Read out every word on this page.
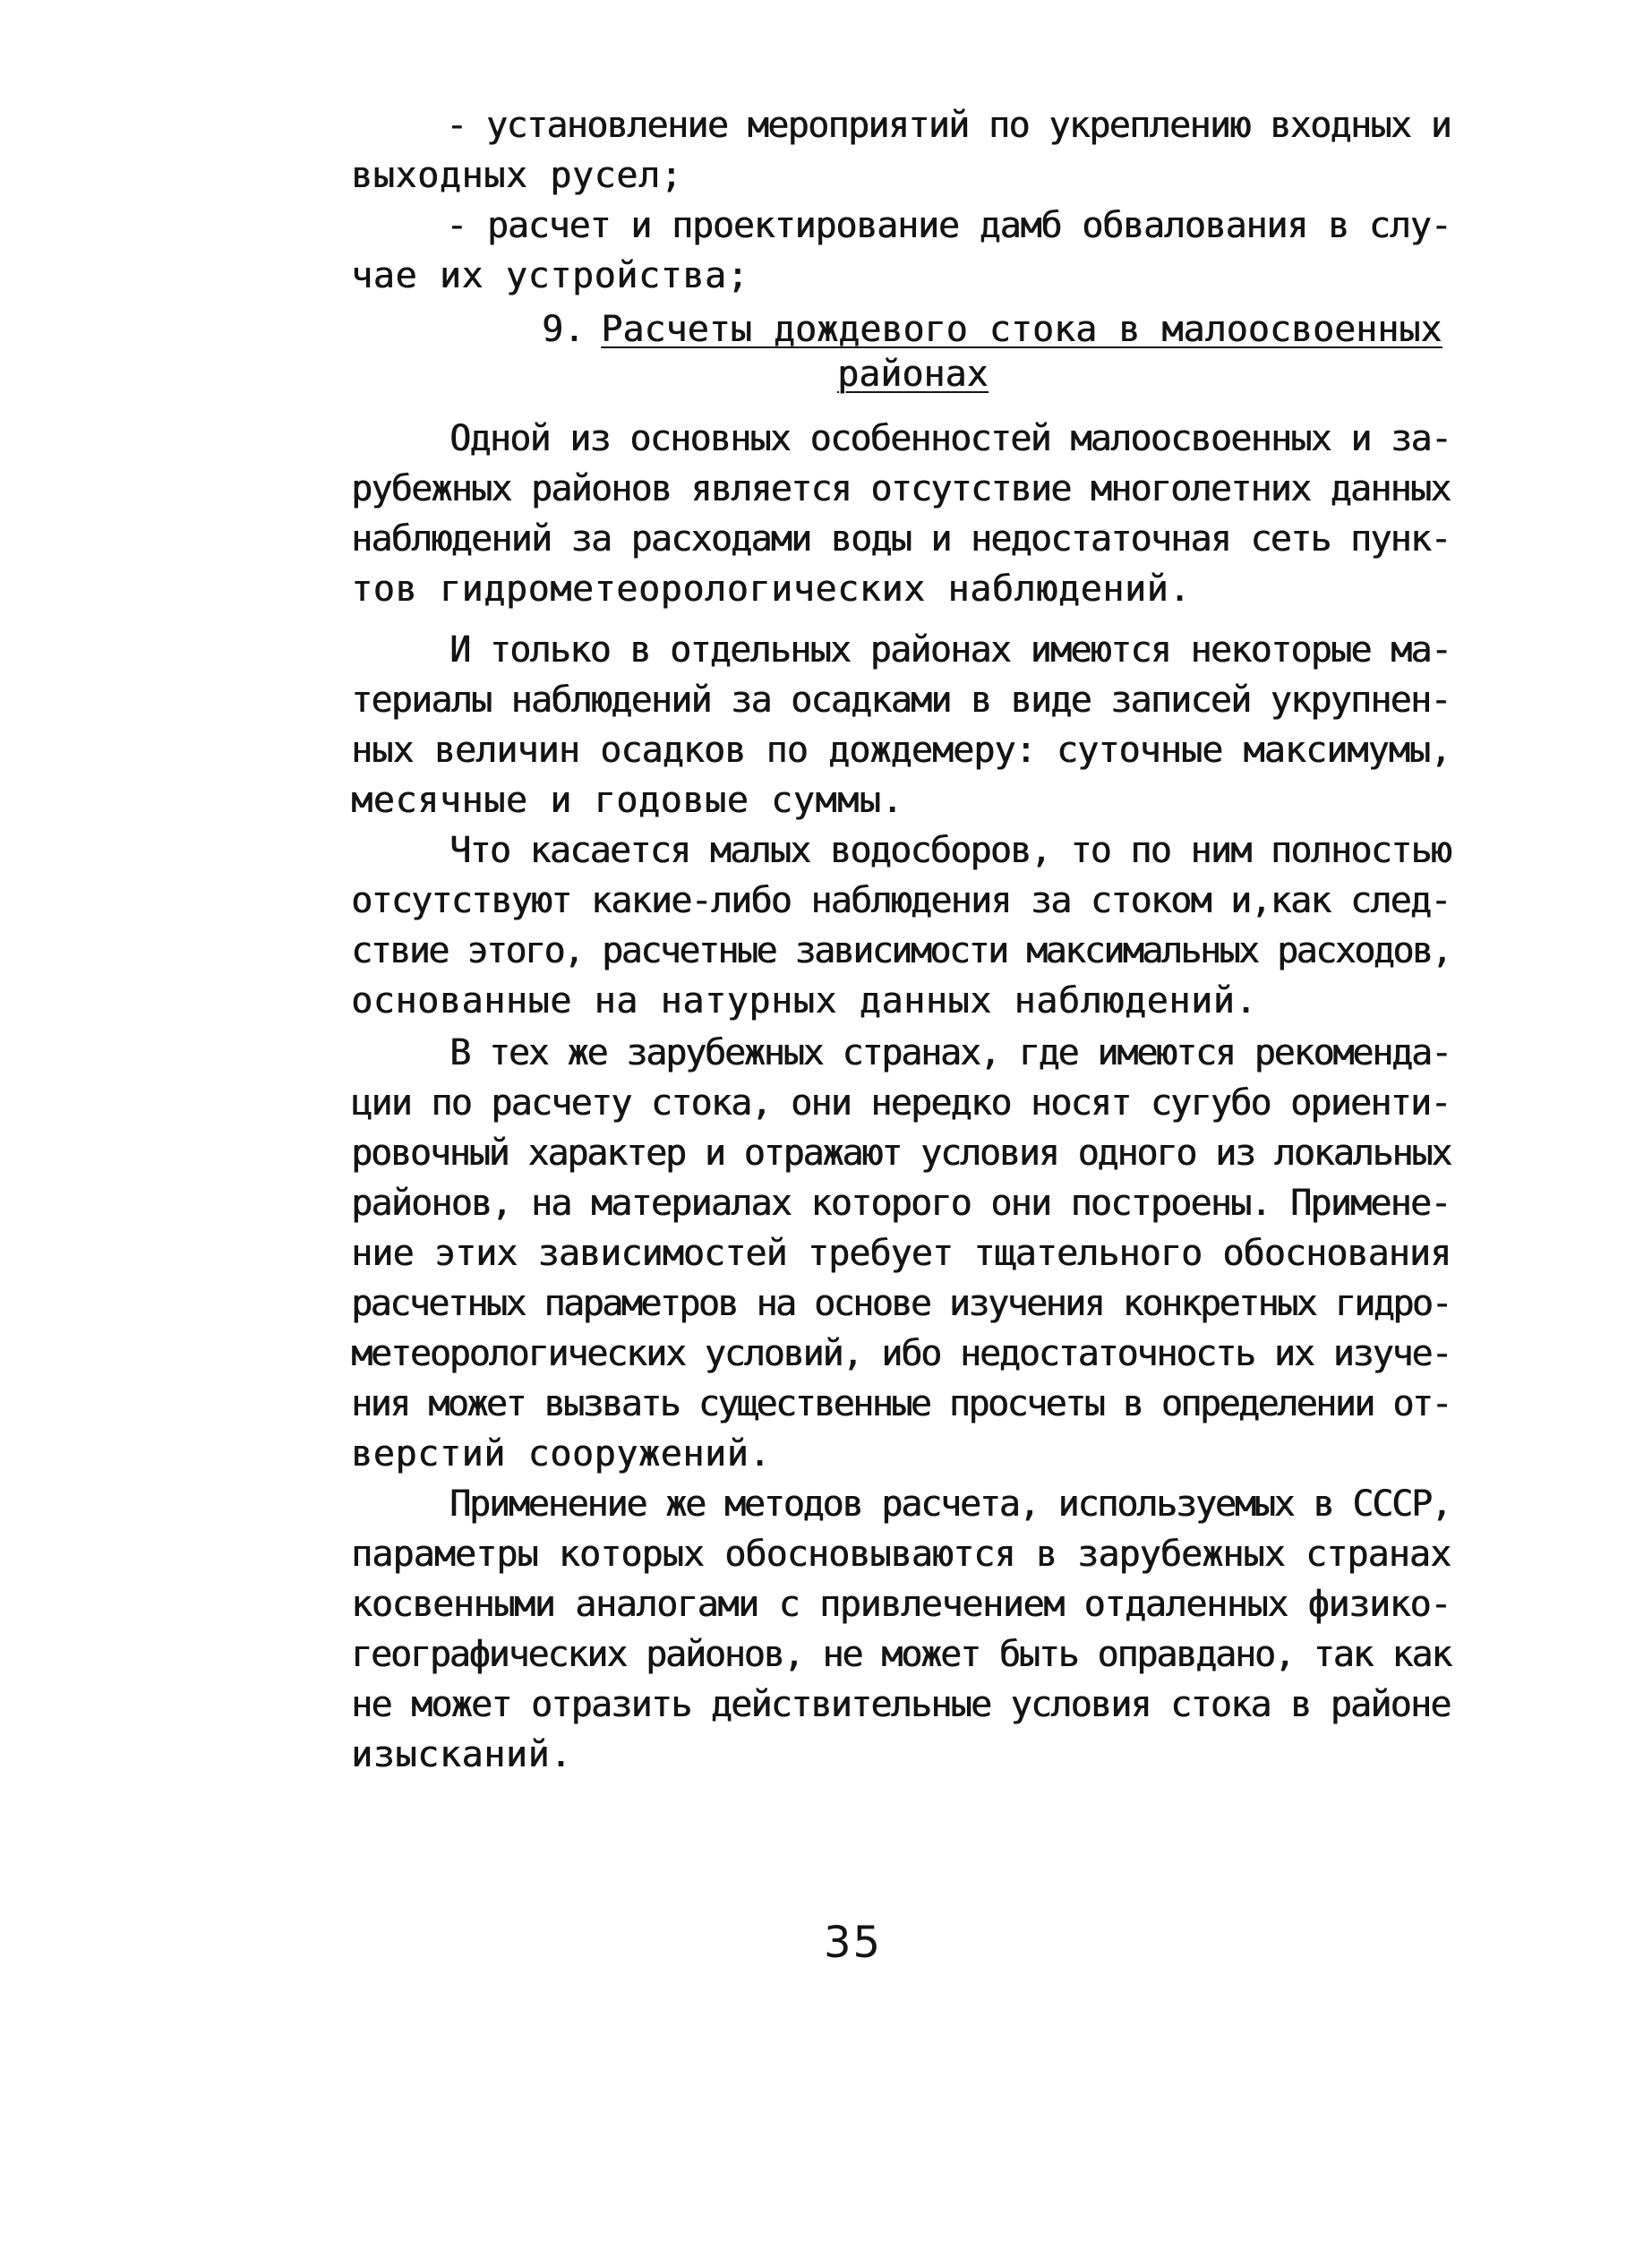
- установление мероприятий по укреплению входных и
выходных русел;
- расчет и проектирование дамб обвалования в слу-
чае их устройства;
9. Расчеты дождевого стока в малоосвоенных
районах
Одной из основных особенностей малоосвоенных и за-
рубежных районов является отсутствие многолетних данных
наблюдений за расходами воды и недостаточная сеть пунк-
тов гидрометеорологических наблюдений.
И только в отдельных районах имеются некоторые ма-
териалы наблюдений за осадками в виде записей укрупнен-
ных величин осадков по дождемеру: суточные максимумы,
месячные и годовые суммы.
Что касается малых водосборов, то по ним полностью
отсутствуют какие-либо наблюдения за стоком и,как след-
ствие этого, расчетные зависимости максимальных расходов,
основанные на натурных данных наблюдений.
В тех же зарубежных странах, где имеются рекоменда-
ции по расчету стока, они нередко носят сугубо ориенти-
ровочный характер и отражают условия одного из локальных
районов, на материалах которого они построены. Примене-
ние этих зависимостей требует тщательного обоснования
расчетных параметров на основе изучения конкретных гидро-
метеорологических условий, ибо недостаточность их изуче-
ния может вызвать существенные просчеты в определении от-
верстий сооружений.
Применение же методов расчета, используемых в СССР,
параметры которых обосновываются в зарубежных странах
косвенными аналогами с привлечением отдаленных физико-
географических районов, не может быть оправдано, так как
не может отразить действительные условия стока в районе
изысканий.
35
